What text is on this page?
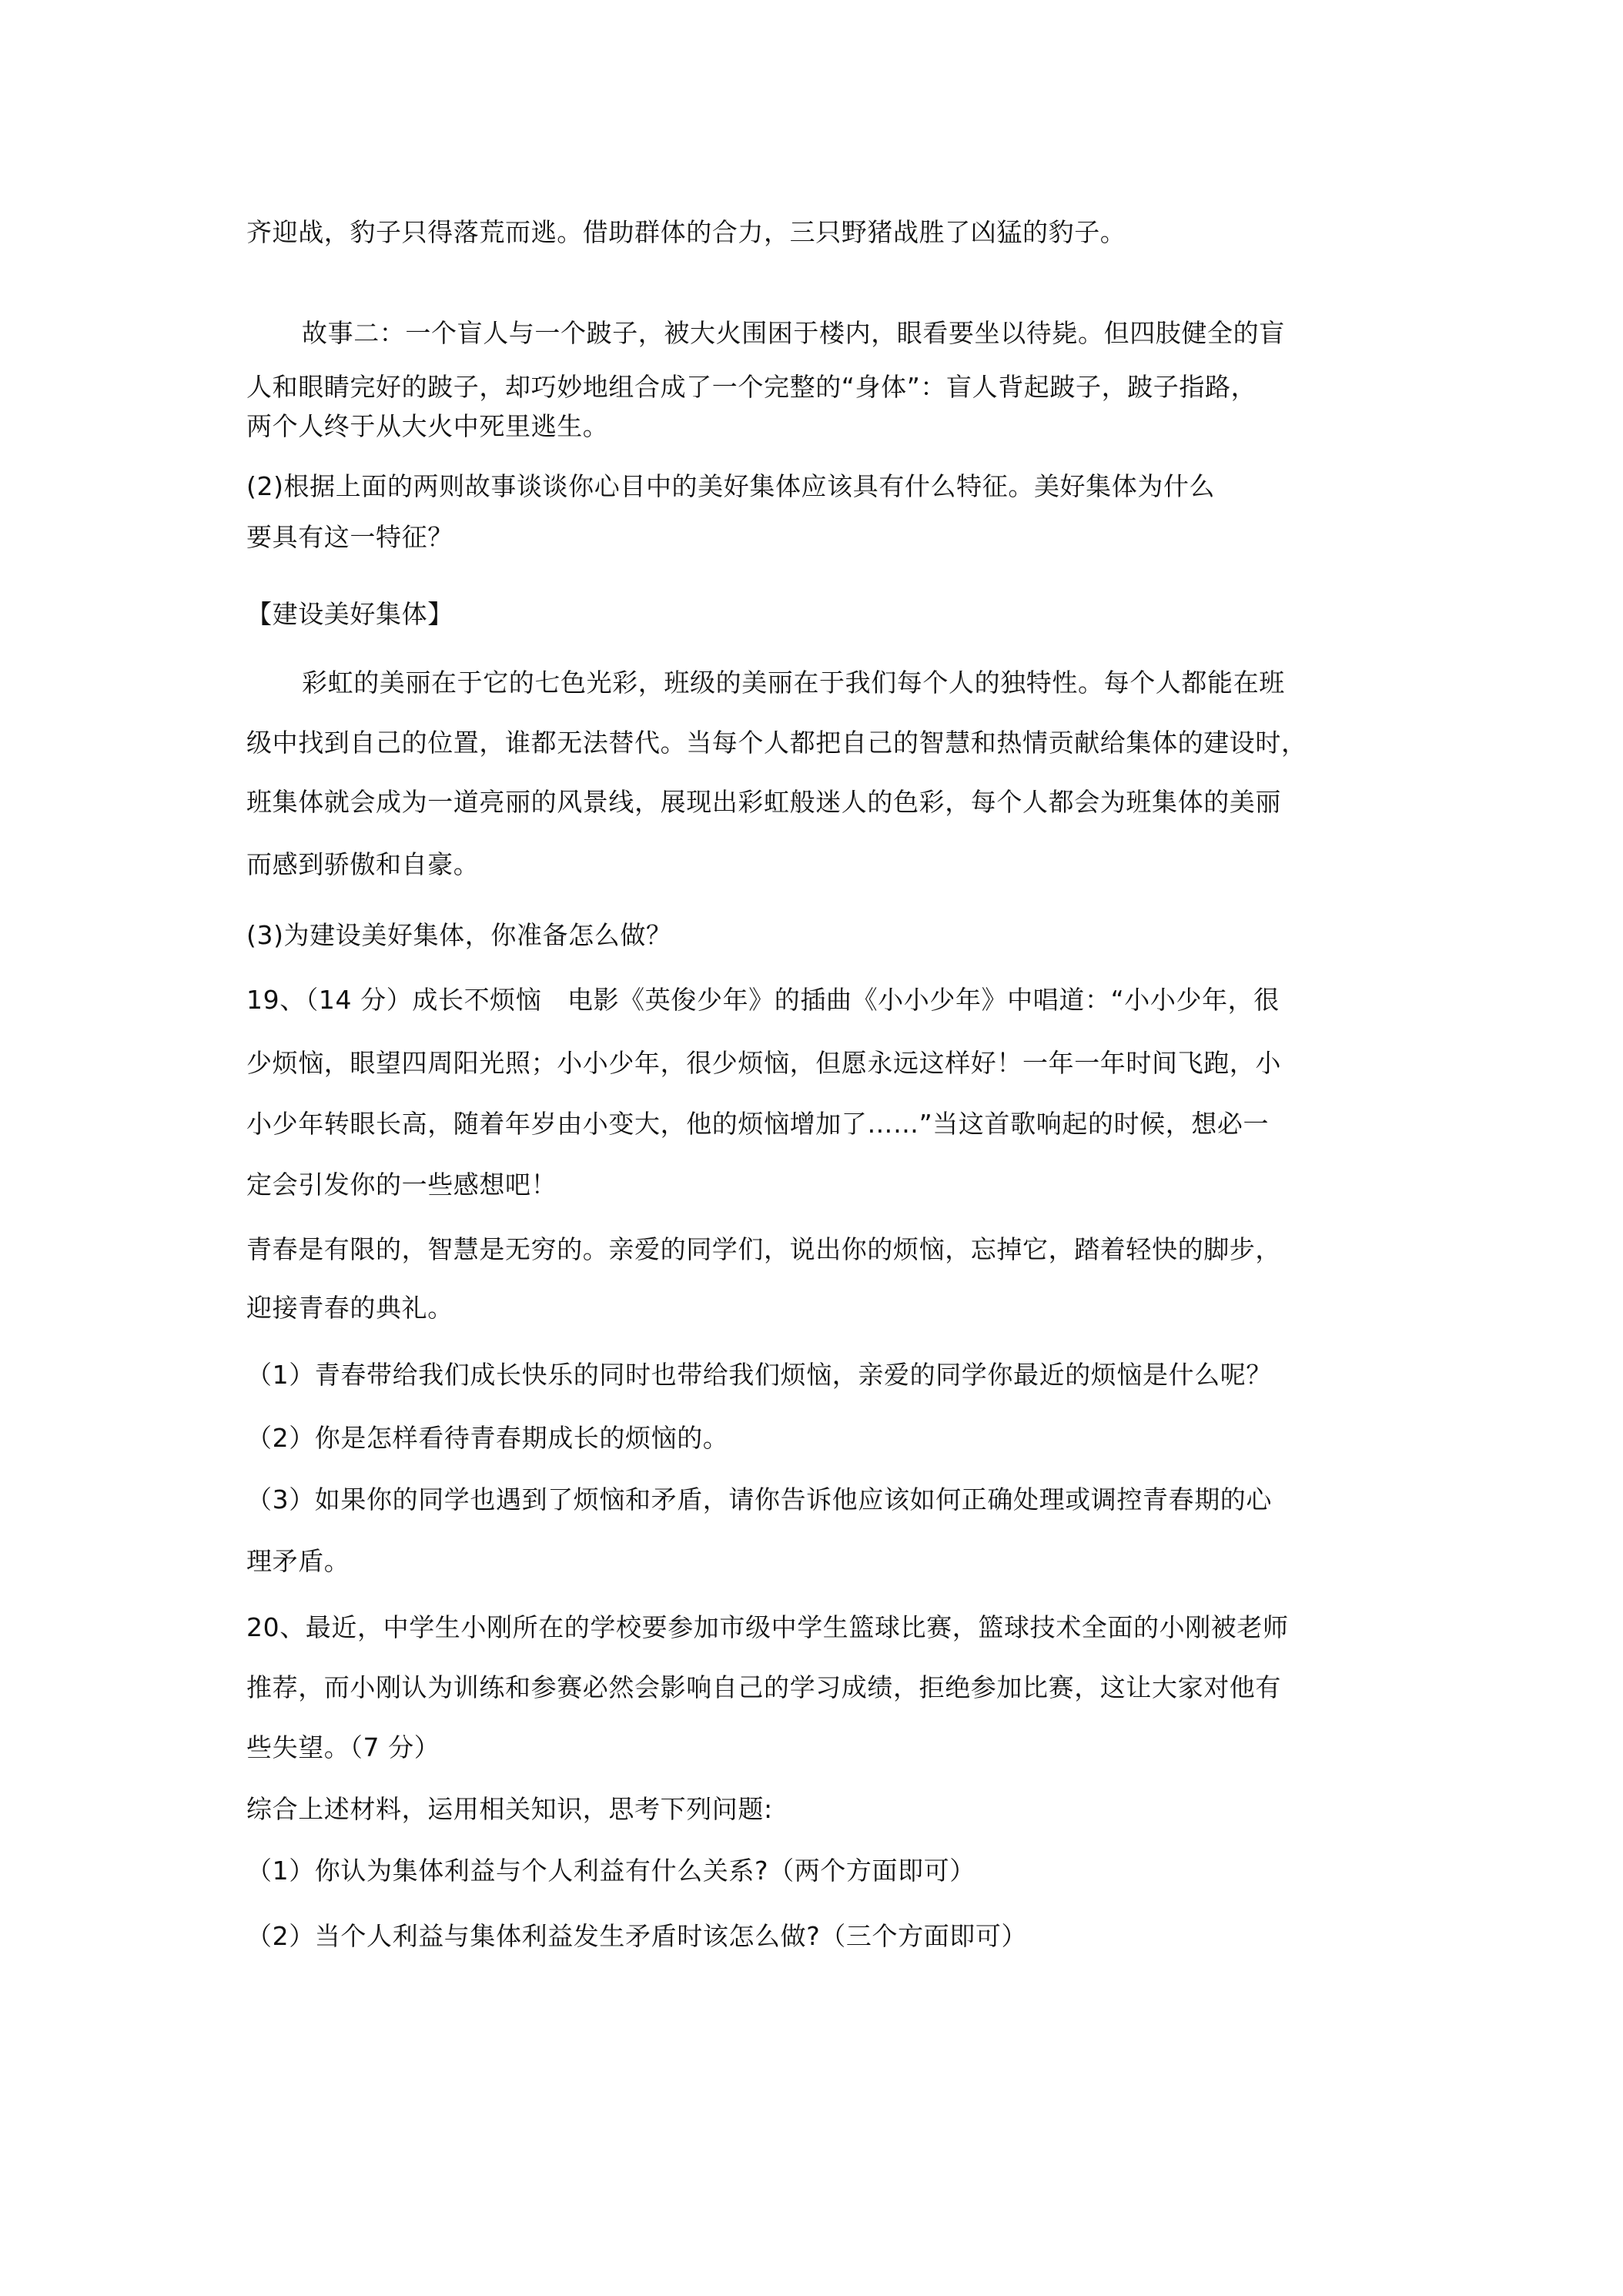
齐迎战，豹子只得落荒而逃。借助群体的合力，三只野猪战胜了凶猛的豹子。
故事二：一个盲人与一个跛子，被大火围困于楼内，眼看要坐以待毙。但四肢健全的盲
人和眼睛完好的跛子，却巧妙地组合成了一个完整的“身体”：盲人背起跛子，跛子指路，
两个人终于从大火中死里逃生。
(2)根据上面的两则故事谈谈你心目中的美好集体应该具有什么特征。美好集体为什么
要具有这一特征？
【建设美好集体】
彩虹的美丽在于它的七色光彩，班级的美丽在于我们每个人的独特性。每个人都能在班
级中找到自己的位置，谁都无法替代。当每个人都把自己的智慧和热情贡献给集体的建设时，
班集体就会成为一道亮丽的风景线，展现出彩虹般迷人的色彩，每个人都会为班集体的美丽
而感到骄傲和自豪。
(3)为建设美好集体，你准备怎么做？
19、（14 分）成长不烦恼　电影《英俊少年》的插曲《小小少年》中唱道：“小小少年，很
少烦恼，眼望四周阳光照；小小少年，很少烦恼，但愿永远这样好！一年一年时间飞跑，小
小少年转眼长高，随着年岁由小变大，他的烦恼增加了……”当这首歌响起的时候，想必一
定会引发你的一些感想吧！
青春是有限的，智慧是无穷的。亲爱的同学们，说出你的烦恼，忘掉它，踏着轻快的脚步，
迎接青春的典礼。
（1）青春带给我们成长快乐的同时也带给我们烦恼，亲爱的同学你最近的烦恼是什么呢？
（2）你是怎样看待青春期成长的烦恼的。
（3）如果你的同学也遇到了烦恼和矛盾，请你告诉他应该如何正确处理或调控青春期的心
理矛盾。
20、最近，中学生小刚所在的学校要参加市级中学生篮球比赛，篮球技术全面的小刚被老师
推荐，而小刚认为训练和参赛必然会影响自己的学习成绩，拒绝参加比赛，这让大家对他有
些失望。（7 分）
综合上述材料，运用相关知识，思考下列问题:
（1）你认为集体利益与个人利益有什么关系?（两个方面即可）
（2）当个人利益与集体利益发生矛盾时该怎么做?（三个方面即可）
